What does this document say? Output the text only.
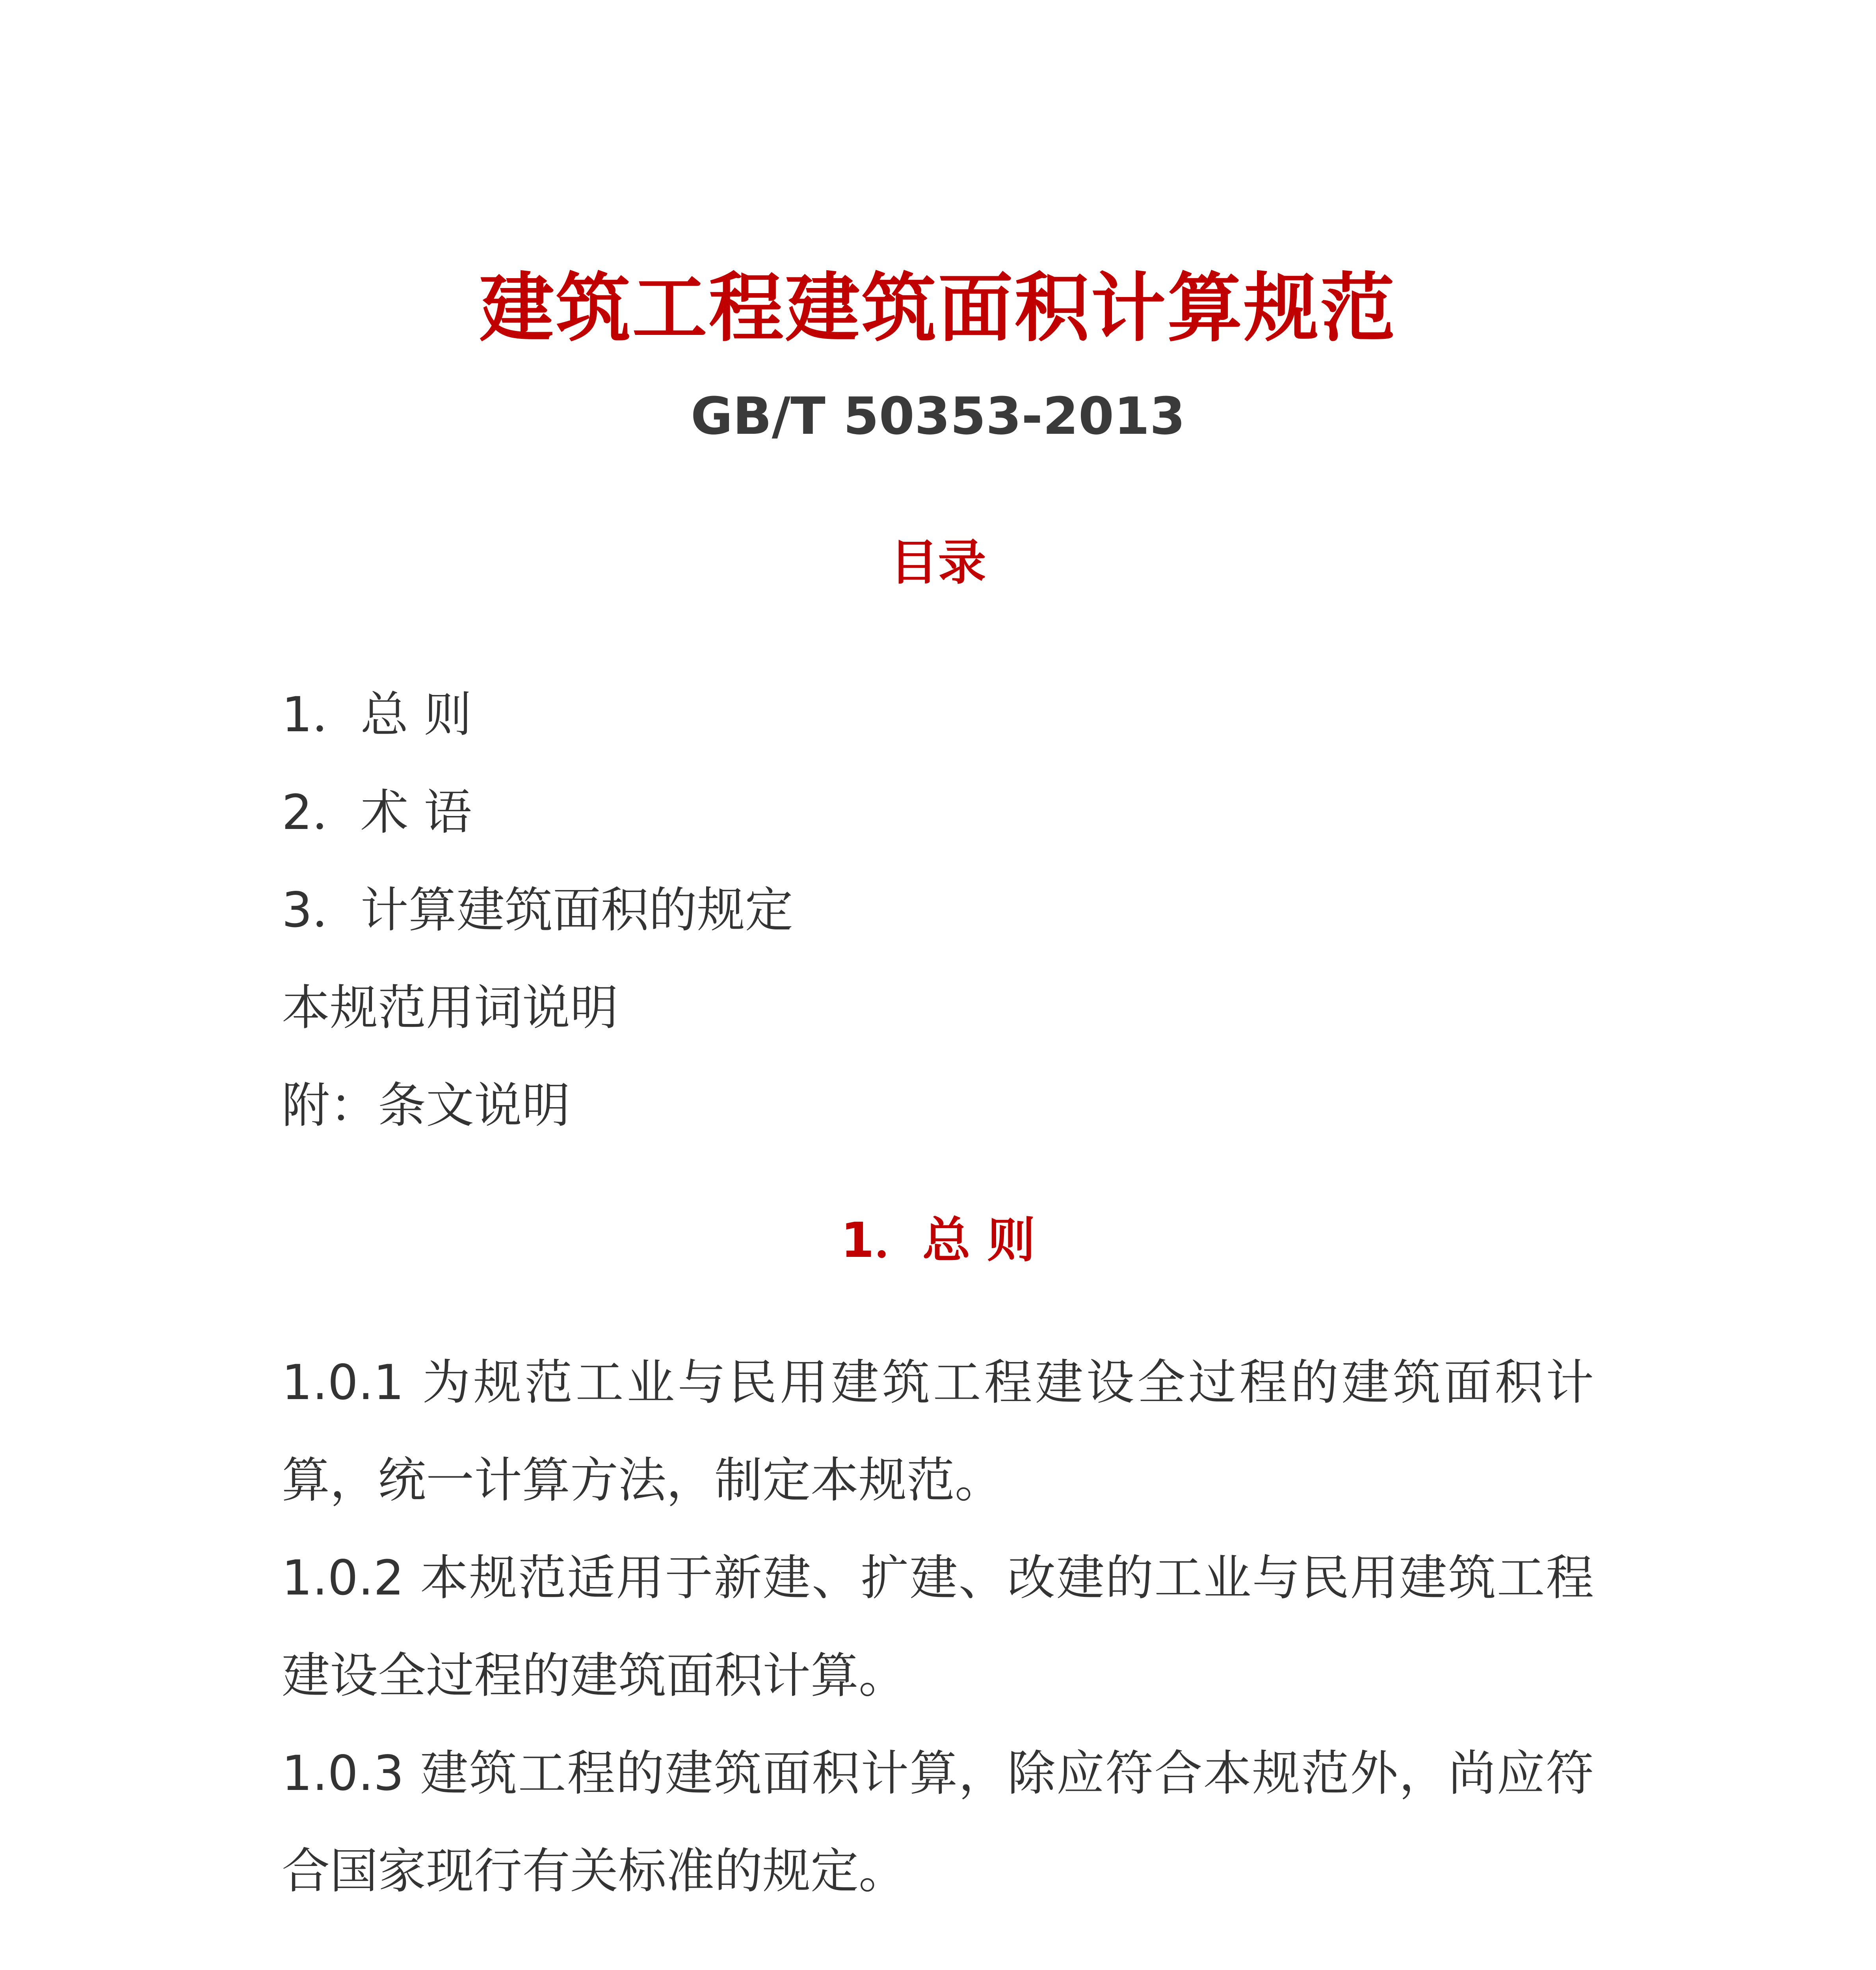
建筑工程建筑面积计算规范
GB/T 50353-2013
目录
1．总 则
2．术 语
3．计算建筑面积的规定
本规范用词说明
附：条文说明
1．总 则

1.0.1 为规范工业与民用建筑工程建设全过程的建筑面积计算，统一计算方法，制定本规范。

1.0.2 本规范适用于新建、扩建、改建的工业与民用建筑工程建设全过程的建筑面积计算。

1.0.3 建筑工程的建筑面积计算，除应符合本规范外，尚应符合国家现行有关标准的规定。
